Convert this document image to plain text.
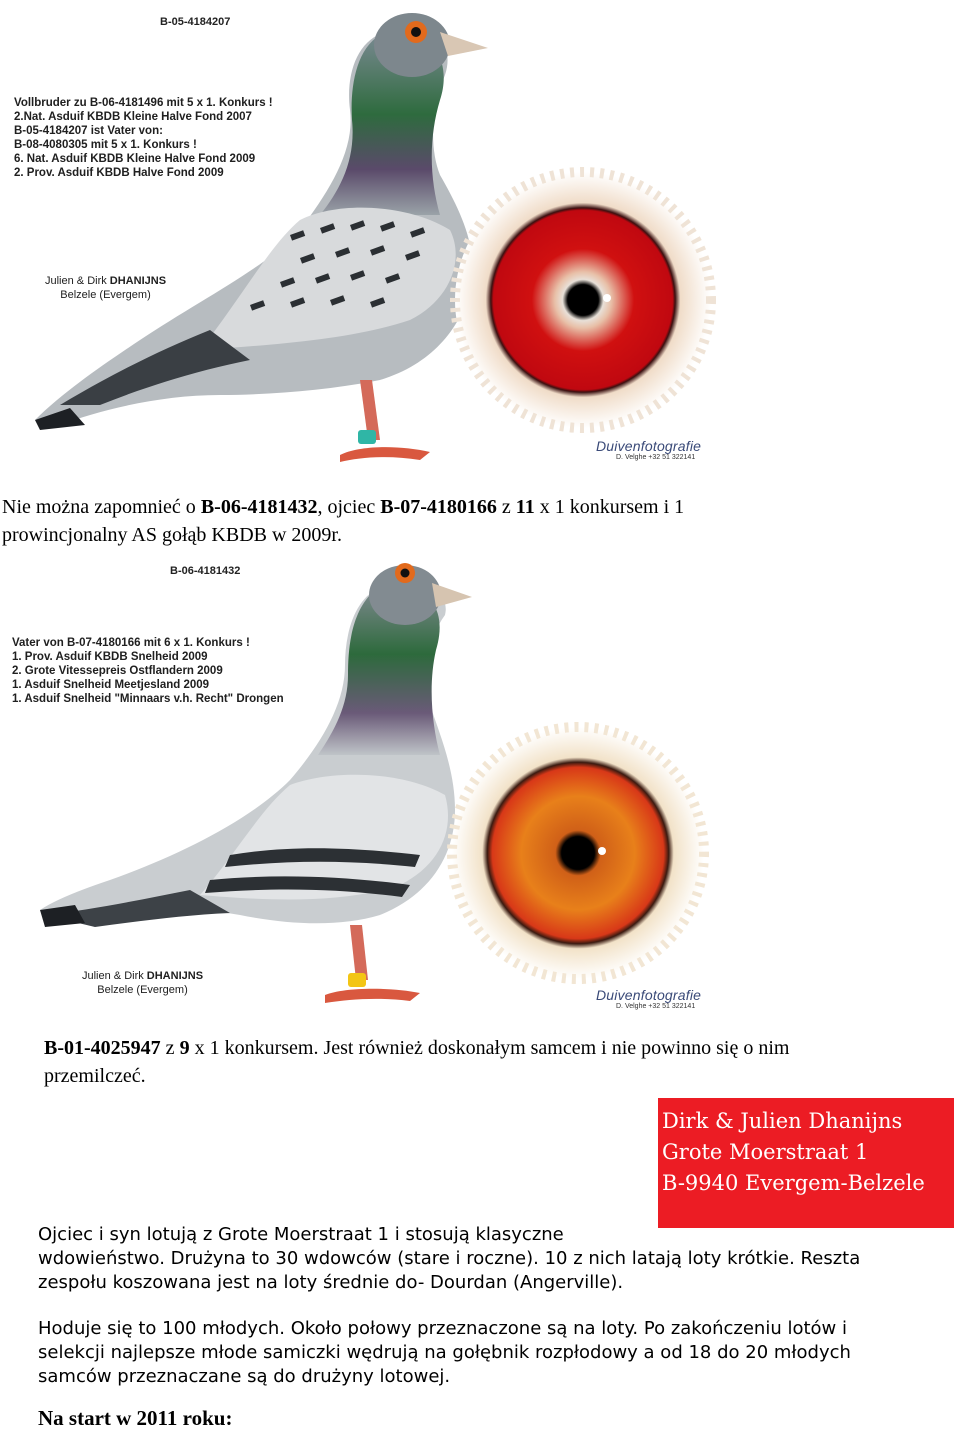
B-05-4184207
Vollbruder zu B-06-4181496 mit 5 x 1. Konkurs !
2.Nat. Asduif KBDB Kleine Halve Fond 2007
B-05-4184207 ist Vater von:
B-08-4080305 mit 5 x 1. Konkurs !
6. Nat. Asduif KBDB Kleine Halve Fond 2009
2. Prov. Asduif KBDB Halve Fond 2009
Julien & Dirk DHANIJNS
Belzele (Evergem)
Duivenfotografie
D. Velghe +32 51 322141
Nie można zapomnieć o B-06-4181432, ojciec B-07-4180166 z 11 x 1 konkursem i 1
prowincjonalny AS gołąb KBDB w 2009r.
B-06-4181432
Vater von B-07-4180166 mit 6 x 1. Konkurs !
1. Prov. Asduif KBDB Snelheid 2009
2. Grote Vitessepreis Ostflandern 2009
1. Asduif Snelheid Meetjesland 2009
1. Asduif Snelheid "Minnaars v.h. Recht" Drongen
Julien & Dirk DHANIJNS
Belzele (Evergem)	Duivenfotografie
D. Velghe +32 51 322141
B-01-4025947 z 9 x 1 konkursem. Jest również doskonałym samcem i nie powinno się o nim
przemilczeć.
Dirk & Julien Dhanijns
Grote Moerstraat 1
B-9940 Evergem-Belzele
Ojciec i syn lotują z Grote Moerstraat 1 i stosują klasyczne
wdowieństwo. Drużyna to 30 wdowców (stare i roczne). 10 z nich latają loty krótkie. Reszta
zespołu koszowana jest na loty średnie do- Dourdan (Angerville).
Hoduje się to 100 młodych. Około połowy przeznaczone są na loty. Po zakończeniu lotów i
selekcji najlepsze młode samiczki wędrują na gołębnik rozpłodowy a od 18 do 20 młodych
samców przeznaczane są do drużyny lotowej.
Na start w 2011 roku:
